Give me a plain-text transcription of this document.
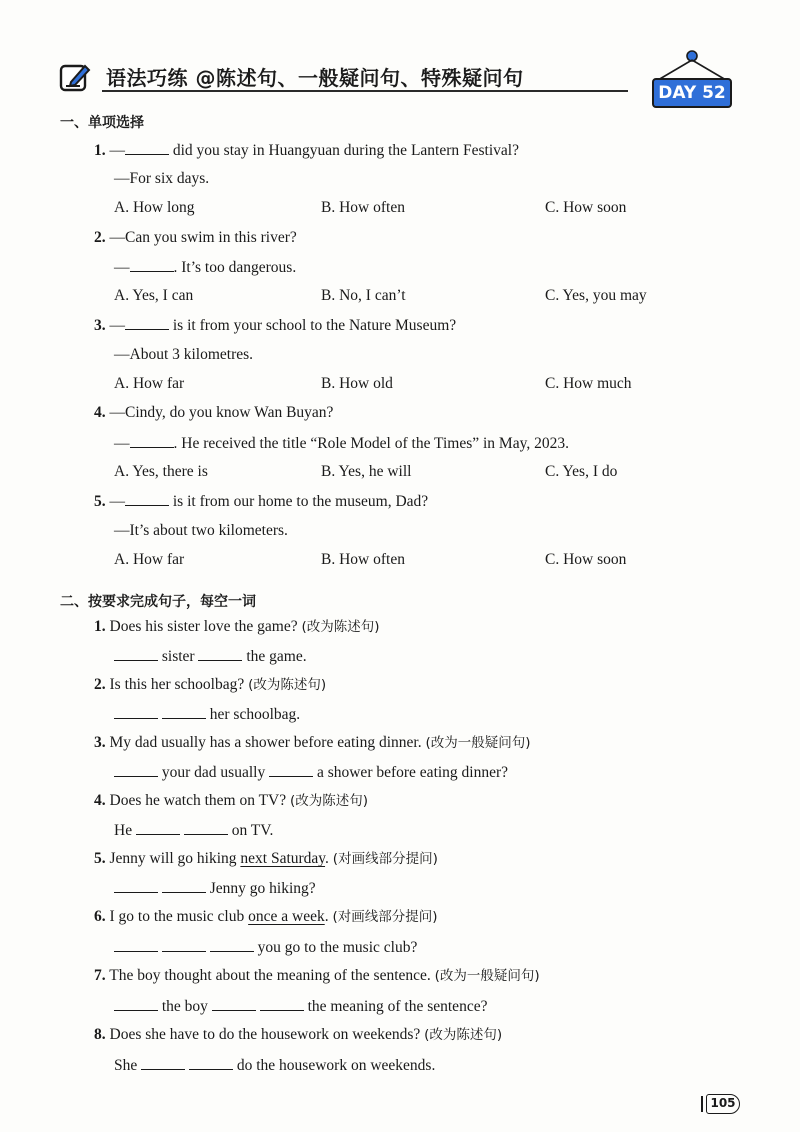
语法巧练 @陈述句、一般疑问句、特殊疑问句
DAY 52
一、单项选择
1. —	did you stay in Huangyuan during the Lantern Festival?
—For six days.
A. How long	B. How often	C. How soon
2. —Can you swim in this river?
—	. It’s too dangerous.
A. Yes, I can	B. No, I can’t	C. Yes, you may
3. —	is it from your school to the Nature Museum?
—About 3 kilometres.
A. How far	B. How old	C. How much
4. —Cindy, do you know Wan Buyan?
—	. He received the title “Role Model of the Times” in May, 2023.
A. Yes, there is	B. Yes, he will	C. Yes, I do
5. —	is it from our home to the museum, Dad?
—It’s about two kilometers.
A. How far	B. How often	C. How soon
二、按要求完成句子，每空一词
1. Does his sister love the game? (改为陈述句)
sister	the game.
2. Is this her schoolbag? (改为陈述句)
her schoolbag.
3. My dad usually has a shower before eating dinner. (改为一般疑问句)
your dad usually	a shower before eating dinner?
4. Does he watch them on TV? (改为陈述句)
He	on TV.
5. Jenny will go hiking next Saturday. (对画线部分提问)
Jenny go hiking?
6. I go to the music club once a week. (对画线部分提问)
you go to the music club?
7. The boy thought about the meaning of the sentence. (改为一般疑问句)
the boy	the meaning of the sentence?
8. Does she have to do the housework on weekends? (改为陈述句)
She	do the housework on weekends.
105
